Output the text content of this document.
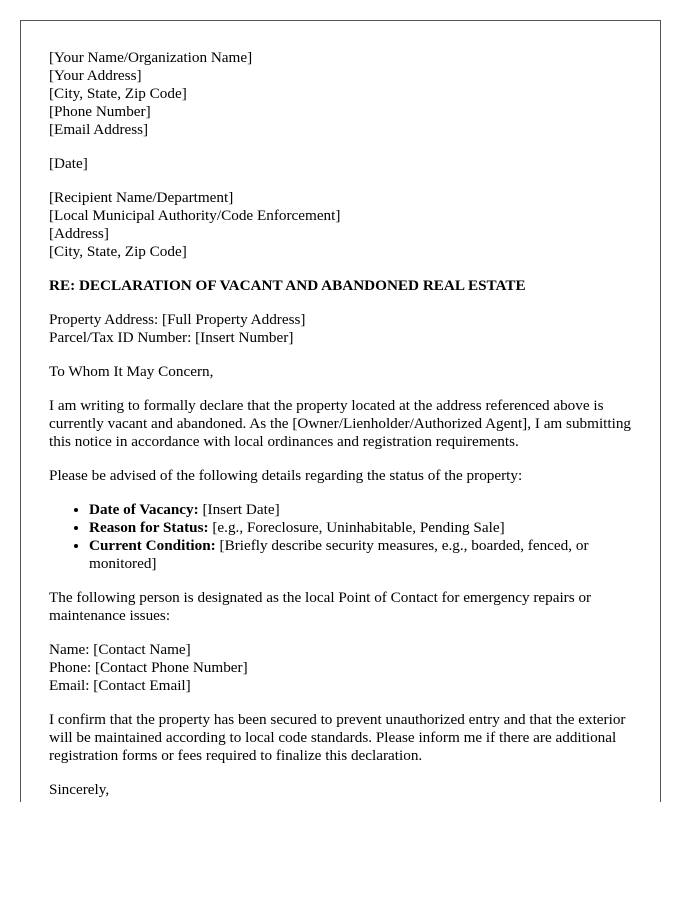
[Your Name/Organization Name]
[Your Address]
[City, State, Zip Code]
[Phone Number]
[Email Address]
[Date]
[Recipient Name/Department]
[Local Municipal Authority/Code Enforcement]
[Address]
[City, State, Zip Code]
RE: DECLARATION OF VACANT AND ABANDONED REAL ESTATE
Property Address: [Full Property Address]
Parcel/Tax ID Number: [Insert Number]

To Whom It May Concern,

I am writing to formally declare that the property located at the address referenced above is currently vacant and abandoned. As the [Owner/Lienholder/Authorized Agent], I am submitting this notice in accordance with local ordinances and registration requirements.

Please be advised of the following details regarding the status of the property:

• Date of Vacancy: [Insert Date]
• Reason for Status: [e.g., Foreclosure, Uninhabitable, Pending Sale]
• Current Condition: [Briefly describe security measures, e.g., boarded, fenced, or monitored]

The following person is designated as the local Point of Contact for emergency repairs or maintenance issues:

Name: [Contact Name]
Phone: [Contact Phone Number]
Email: [Contact Email]

I confirm that the property has been secured to prevent unauthorized entry and that the exterior will be maintained according to local code standards. Please inform me if there are additional registration forms or fees required to finalize this declaration.

Sincerely,
